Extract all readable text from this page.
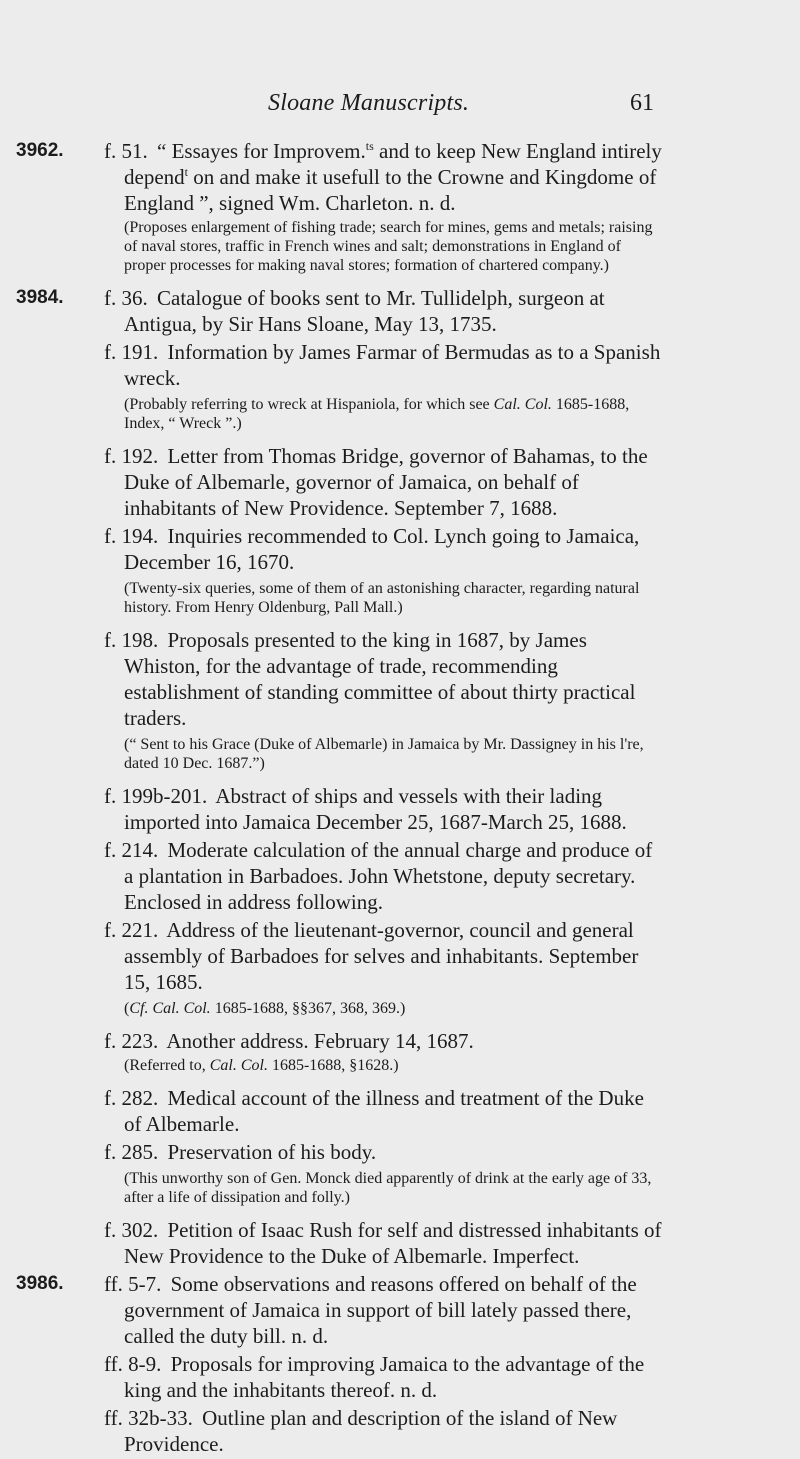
Sloane Manuscripts.	61
3962. f. 51. “ Essayes for Improvem.$^{ts}$ and to keep New England intirely depend$^t$ on and make it usefull to the Crowne and Kingdome of England ”, signed Wm. Charleton. n. d.

(Proposes enlargement of fishing trade; search for mines, gems and metals; raising of naval stores, traffic in French wines and salt; demonstrations in England of proper processes for making naval stores; formation of chartered company.)

3984. f. 36. Catalogue of books sent to Mr. Tullidelph, surgeon at Antigua, by Sir Hans Sloane, May 13, 1735.

f. 191. Information by James Farmar of Bermudas as to a Spanish wreck.

(Probably referring to wreck at Hispaniola, for which see Cal. Col. 1685-1688, Index, “ Wreck ”.)

f. 192. Letter from Thomas Bridge, governor of Bahamas, to the Duke of Albemarle, governor of Jamaica, on behalf of inhabitants of New Providence. September 7, 1688.

f. 194. Inquiries recommended to Col. Lynch going to Jamaica, December 16, 1670.

(Twenty-six queries, some of them of an astonishing character, regarding natural history. From Henry Oldenburg, Pall Mall.)

f. 198. Proposals presented to the king in 1687, by James Whiston, for the advantage of trade, recommending establishment of standing committee of about thirty practical traders.

(“ Sent to his Grace (Duke of Albemarle) in Jamaica by Mr. Dassigney in his l're, dated 10 Dec. 1687.”)

f. 199b-201. Abstract of ships and vessels with their lading imported into Jamaica December 25, 1687-March 25, 1688.

f. 214. Moderate calculation of the annual charge and produce of a plantation in Barbadoes. John Whetstone, deputy secretary. Enclosed in address following.

f. 221. Address of the lieutenant-governor, council and general assembly of Barbadoes for selves and inhabitants. September 15, 1685.

(Cf. Cal. Col. 1685-1688, §§367, 368, 369.)

f. 223. Another address. February 14, 1687.

(Referred to, Cal. Col. 1685-1688, §1628.)

f. 282. Medical account of the illness and treatment of the Duke of Albemarle.

f. 285. Preservation of his body.

(This unworthy son of Gen. Monck died apparently of drink at the early age of 33, after a life of dissipation and folly.)

f. 302. Petition of Isaac Rush for self and distressed inhabitants of New Providence to the Duke of Albemarle. Imperfect.

3986. ff. 5-7. Some observations and reasons offered on behalf of the government of Jamaica in support of bill lately passed there, called the duty bill. n. d.

ff. 8-9. Proposals for improving Jamaica to the advantage of the king and the inhabitants thereof. n. d.

ff. 32b-33. Outline plan and description of the island of New Providence.
